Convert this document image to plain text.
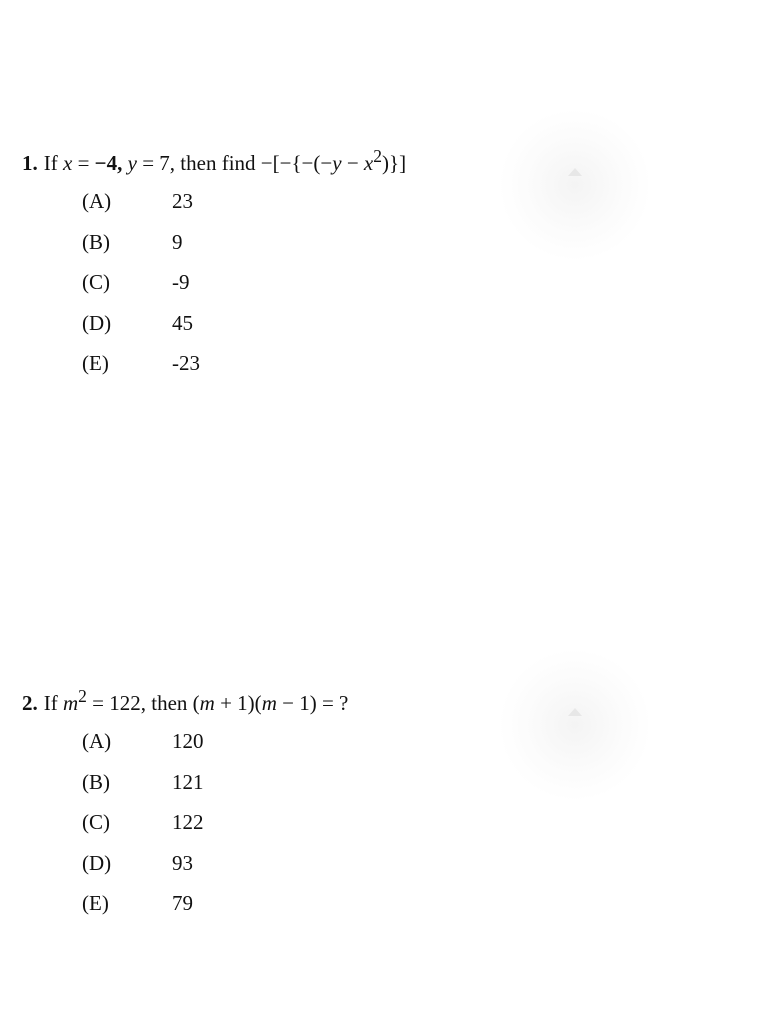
1. If x = −4, y = 7, then find $-[-\{-(-y - x^2)\}]$

(A)	23
(B)	9
(C)	-9
(D)	45
(E)	-23

2. If $m^2 = 122$, then (m + 1)(m − 1) = ?

(A)	120
(B)	121
(C)	122
(D)	93
(E)	79
